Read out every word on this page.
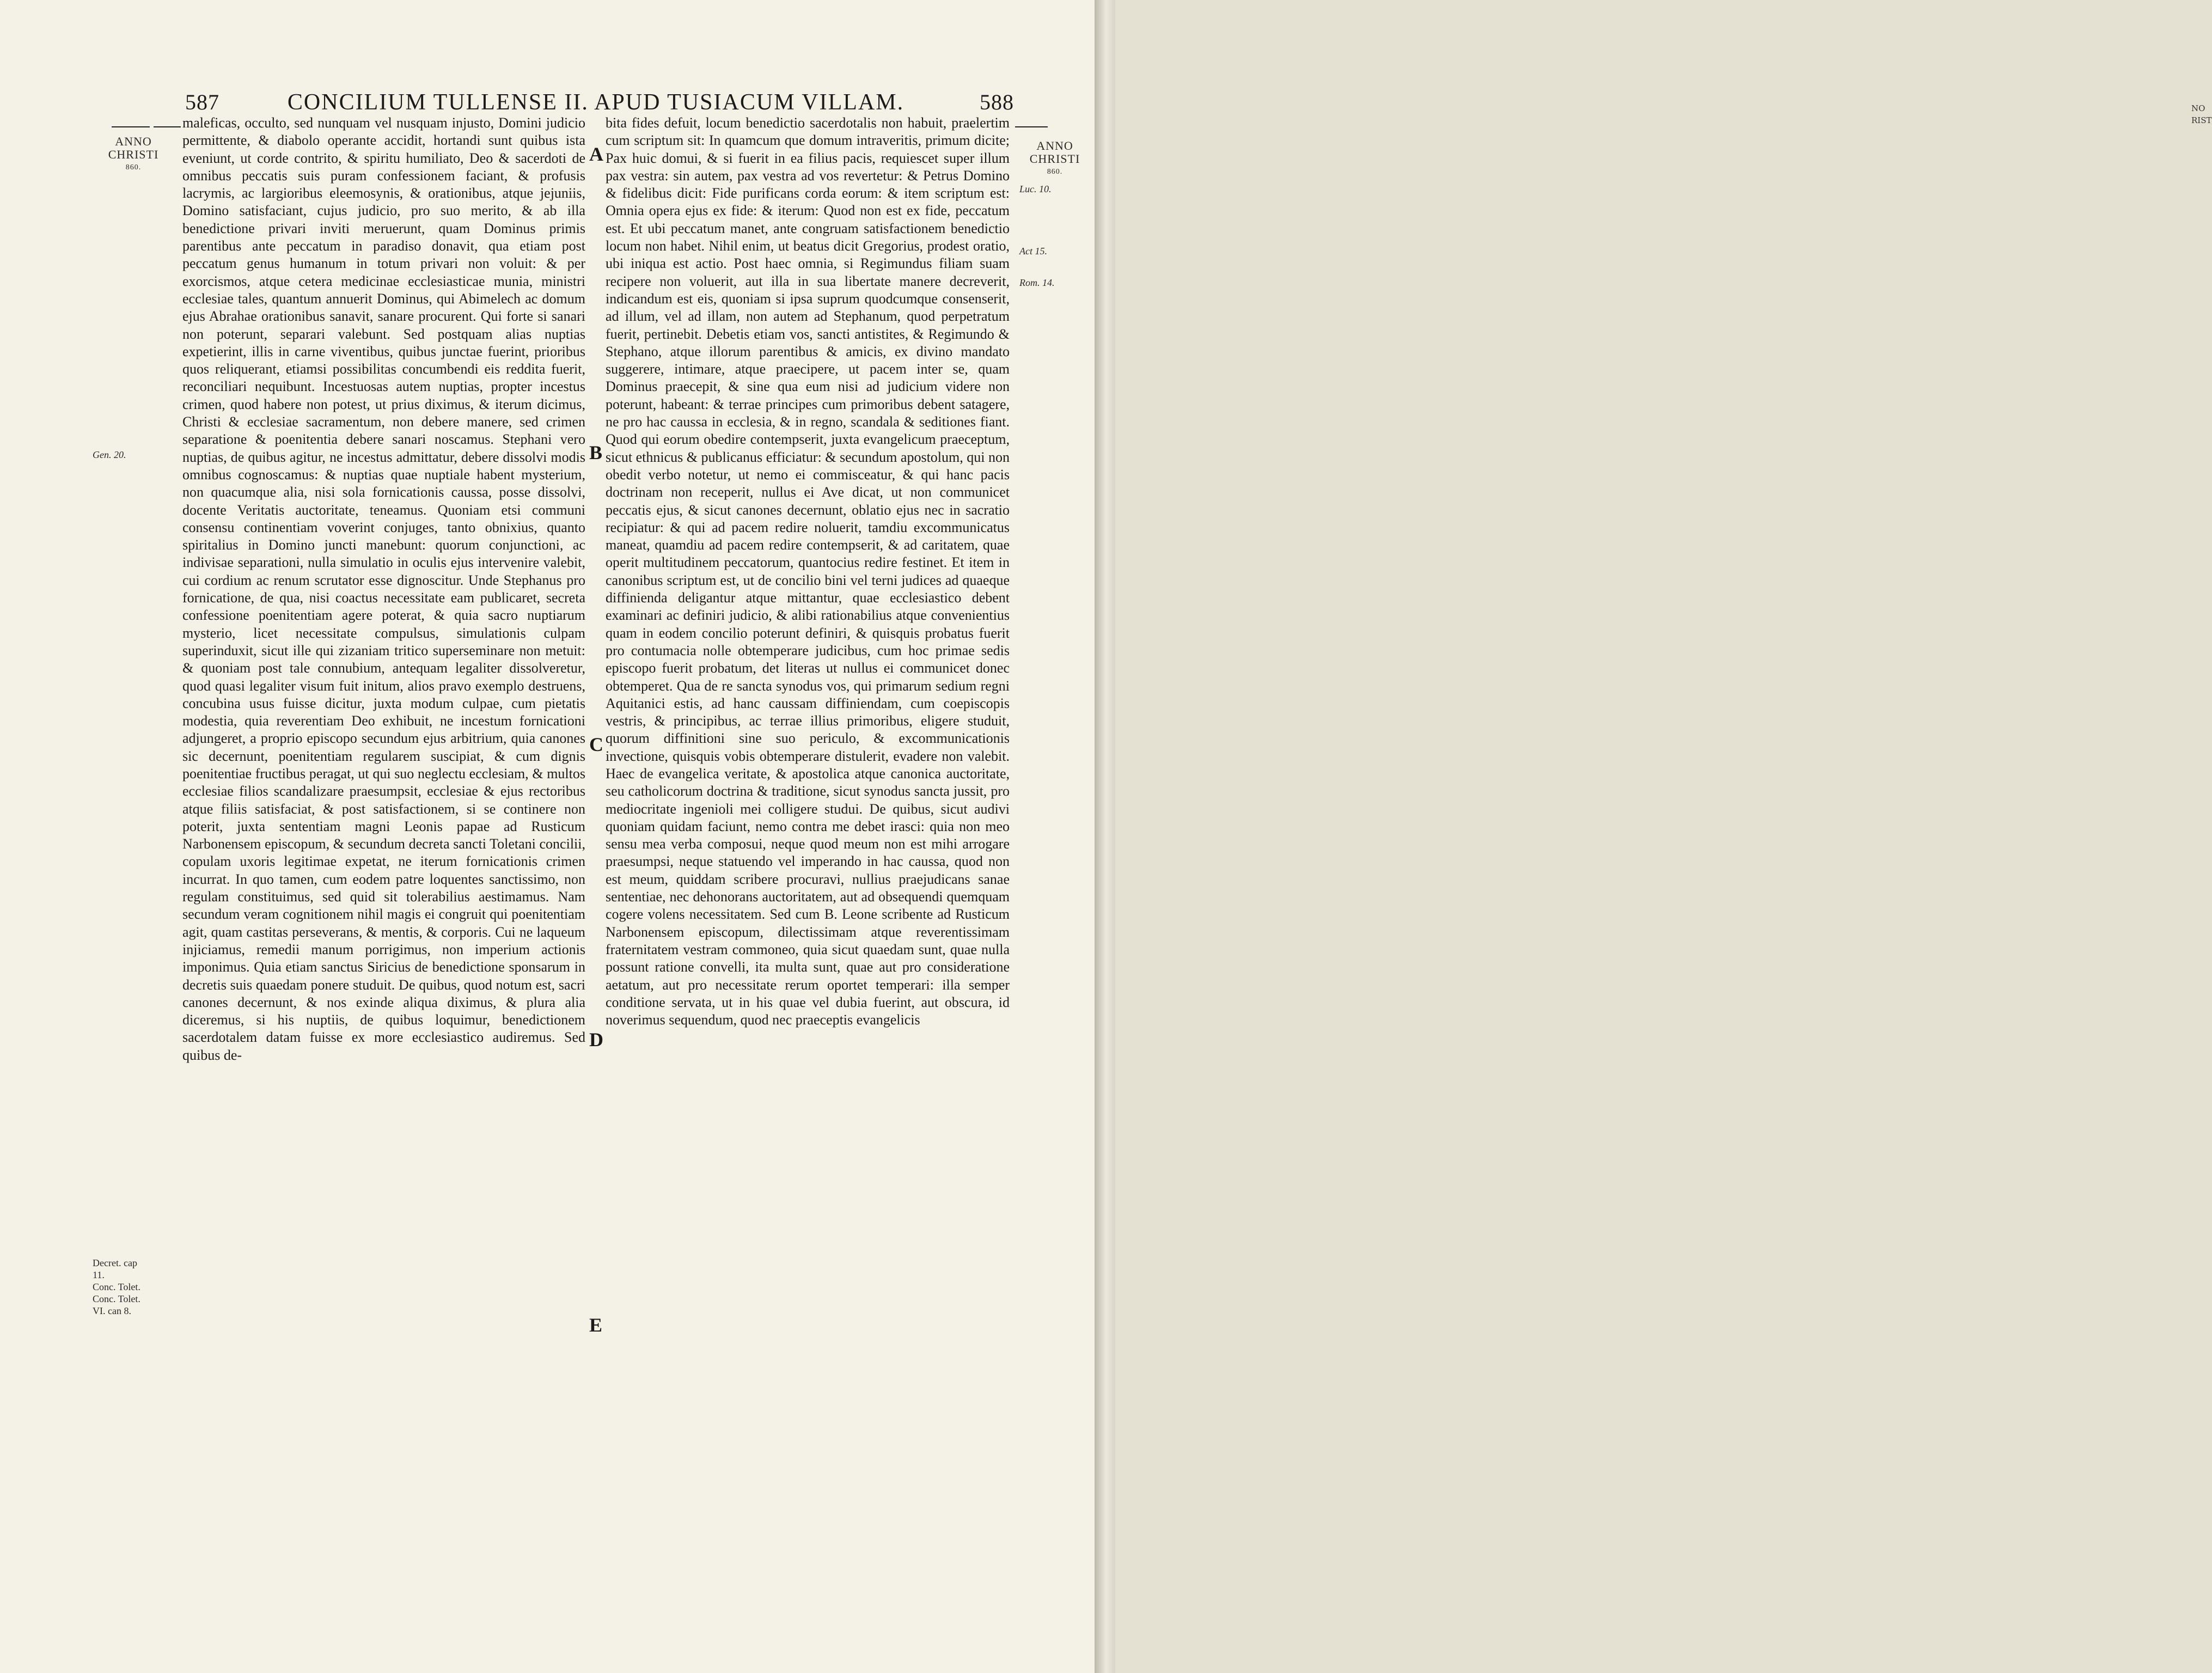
587	CONCILIUM TULLENSE II. APUD TUSIACUM VILLAM.	588
ANNO
CHRISTI
860.
Gen. 20.
Decret. cap
11.
Conc. Tolet.
Conc. Tolet.
VI. can 8.
ANNO
CHRISTI
860.
Luc. 10.
Act 15.
Rom. 14.
A
B
C
D
E

maleficas, occulto, sed nunquam vel nusquam injusto, Domini judicio permittente, & diabolo operante accidit, hortandi sunt quibus ista eveniunt, ut corde contrito, & spiritu humiliato, Deo & sacerdoti de omnibus peccatis suis puram confessionem faciant, & profusis lacrymis, ac largioribus eleemosynis, & orationibus, atque jejuniis, Domino satisfaciant, cujus judicio, pro suo merito, & ab illa benedictione privari inviti meruerunt, quam Dominus primis parentibus ante peccatum in paradiso donavit, qua etiam post peccatum genus humanum in totum privari non voluit: & per exorcismos, atque cetera medicinae ecclesiasticae munia, ministri ecclesiae tales, quantum annuerit Dominus, qui Abimelech ac domum ejus Abrahae orationibus sanavit, sanare procurent. Qui forte si sanari non poterunt, separari valebunt. Sed postquam alias nuptias expetierint, illis in carne viventibus, quibus junctae fuerint, prioribus quos reliquerant, etiamsi possibilitas concumbendi eis reddita fuerit, reconciliari nequibunt. Incestuosas autem nuptias, propter incestus crimen, quod habere non potest, ut prius diximus, & iterum dicimus, Christi & ecclesiae sacramentum, non debere manere, sed crimen separatione & poenitentia debere sanari noscamus. Stephani vero nuptias, de quibus agitur, ne incestus admittatur, debere dissolvi modis omnibus cognoscamus: & nuptias quae nuptiale habent mysterium, non quacumque alia, nisi sola fornicationis caussa, posse dissolvi, docente Veritatis auctoritate, teneamus. Quoniam etsi communi consensu continentiam voverint conjuges, tanto obnixius, quanto spiritalius in Domino juncti manebunt: quorum conjunctioni, ac indivisae separationi, nulla simulatio in oculis ejus intervenire valebit, cui cordium ac renum scrutator esse dignoscitur. Unde Stephanus pro fornicatione, de qua, nisi coactus necessitate eam publicaret, secreta confessione poenitentiam agere poterat, & quia sacro nuptiarum mysterio, licet necessitate compulsus, simulationis culpam superinduxit, sicut ille qui zizaniam tritico superseminare non metuit: & quoniam post tale connubium, antequam legaliter dissolveretur, quod quasi legaliter visum fuit initum, alios pravo exemplo destruens, concubina usus fuisse dicitur, juxta modum culpae, cum pietatis modestia, quia reverentiam Deo exhibuit, ne incestum fornicationi adjungeret, a proprio episcopo secundum ejus arbitrium, quia canones sic decernunt, poenitentiam regularem suscipiat, & cum dignis poenitentiae fructibus peragat, ut qui suo neglectu ecclesiam, & multos ecclesiae filios scandalizare praesumpsit, ecclesiae & ejus rectoribus atque filiis satisfaciat, & post satisfactionem, si se continere non poterit, juxta sententiam magni Leonis papae ad Rusticum Narbonensem episcopum, & secundum decreta sancti Toletani concilii, copulam uxoris legitimae expetat, ne iterum fornicationis crimen incurrat. In quo tamen, cum eodem patre loquentes sanctissimo, non regulam constituimus, sed quid sit tolerabilius aestimamus. Nam secundum veram cognitionem nihil magis ei congruit qui poenitentiam agit, quam castitas perseverans, & mentis, & corporis. Cui ne laqueum injiciamus, remedii manum porrigimus, non imperium actionis imponimus. Quia etiam sanctus Siricius de benedictione sponsarum in decretis suis quaedam ponere studuit. De quibus, quod notum est, sacri canones decernunt, & nos exinde aliqua diximus, & plura alia diceremus, si his nuptiis, de quibus loquimur, benedictionem sacerdotalem datam fuisse ex more ecclesiastico audiremus. Sed quibus de-

bita fides defuit, locum benedictio sacerdotalis non habuit, praelertim cum scriptum sit: In quamcum que domum intraveritis, primum dicite; Pax huic domui, & si fuerit in ea filius pacis, requiescet super illum pax vestra: sin autem, pax vestra ad vos revertetur: & Petrus Domino & fidelibus dicit: Fide purificans corda eorum: & item scriptum est: Omnia opera ejus ex fide: & iterum: Quod non est ex fide, peccatum est. Et ubi peccatum manet, ante congruam satisfactionem benedictio locum non habet. Nihil enim, ut beatus dicit Gregorius, prodest oratio, ubi iniqua est actio. Post haec omnia, si Regimundus filiam suam recipere non voluerit, aut illa in sua libertate manere decreverit, indicandum est eis, quoniam si ipsa suprum quodcumque consenserit, ad illum, vel ad illam, non autem ad Stephanum, quod perpetratum fuerit, pertinebit. Debetis etiam vos, sancti antistites, & Regimundo & Stephano, atque illorum parentibus & amicis, ex divino mandato suggerere, intimare, atque praecipere, ut pacem inter se, quam Dominus praecepit, & sine qua eum nisi ad judicium videre non poterunt, habeant: & terrae principes cum primoribus debent satagere, ne pro hac caussa in ecclesia, & in regno, scandala & seditiones fiant. Quod qui eorum obedire contempserit, juxta evangelicum praeceptum, sicut ethnicus & publicanus efficiatur: & secundum apostolum, qui non obedit verbo notetur, ut nemo ei commisceatur, & qui hanc pacis doctrinam non receperit, nullus ei Ave dicat, ut non communicet peccatis ejus, & sicut canones decernunt, oblatio ejus nec in sacratio recipiatur: & qui ad pacem redire noluerit, tamdiu excommunicatus maneat, quamdiu ad pacem redire contempserit, & ad caritatem, quae operit multitudinem peccatorum, quantocius redire festinet. Et item in canonibus scriptum est, ut de concilio bini vel terni judices ad quaeque diffinienda deligantur atque mittantur, quae ecclesiastico debent examinari ac definiri judicio, & alibi rationabilius atque convenientius quam in eodem concilio poterunt definiri, & quisquis probatus fuerit pro contumacia nolle obtemperare judicibus, cum hoc primae sedis episcopo fuerit probatum, det literas ut nullus ei communicet donec obtemperet. Qua de re sancta synodus vos, qui primarum sedium regni Aquitanici estis, ad hanc caussam diffiniendam, cum coepiscopis vestris, & principibus, ac terrae illius primoribus, eligere studuit, quorum diffinitioni sine suo periculo, & excommunicationis invectione, quisquis vobis obtemperare distulerit, evadere non valebit. Haec de evangelica veritate, & apostolica atque canonica auctoritate, seu catholicorum doctrina & traditione, sicut synodus sancta jussit, pro mediocritate ingenioli mei colligere studui. De quibus, sicut audivi quoniam quidam faciunt, nemo contra me debet irasci: quia non meo sensu mea verba composui, neque quod meum non est mihi arrogare praesumpsi, neque statuendo vel imperando in hac caussa, quod non est meum, quiddam scribere procuravi, nullius praejudicans sanae sententiae, nec dehonorans auctoritatem, aut ad obsequendi quemquam cogere volens necessitatem. Sed cum B. Leone scribente ad Rusticum Narbonensem episcopum, dilectissimam atque reverentissimam fraternitatem vestram commoneo, quia sicut quaedam sunt, quae nulla possunt ratione convelli, ita multa sunt, quae aut pro consideratione aetatum, aut pro necessitate rerum oportet temperari: illa semper conditione servata, ut in his quae vel dubia fuerint, aut obscura, id noverimus sequendum, quod nec praeceptis evangelicis

NO
RIST
